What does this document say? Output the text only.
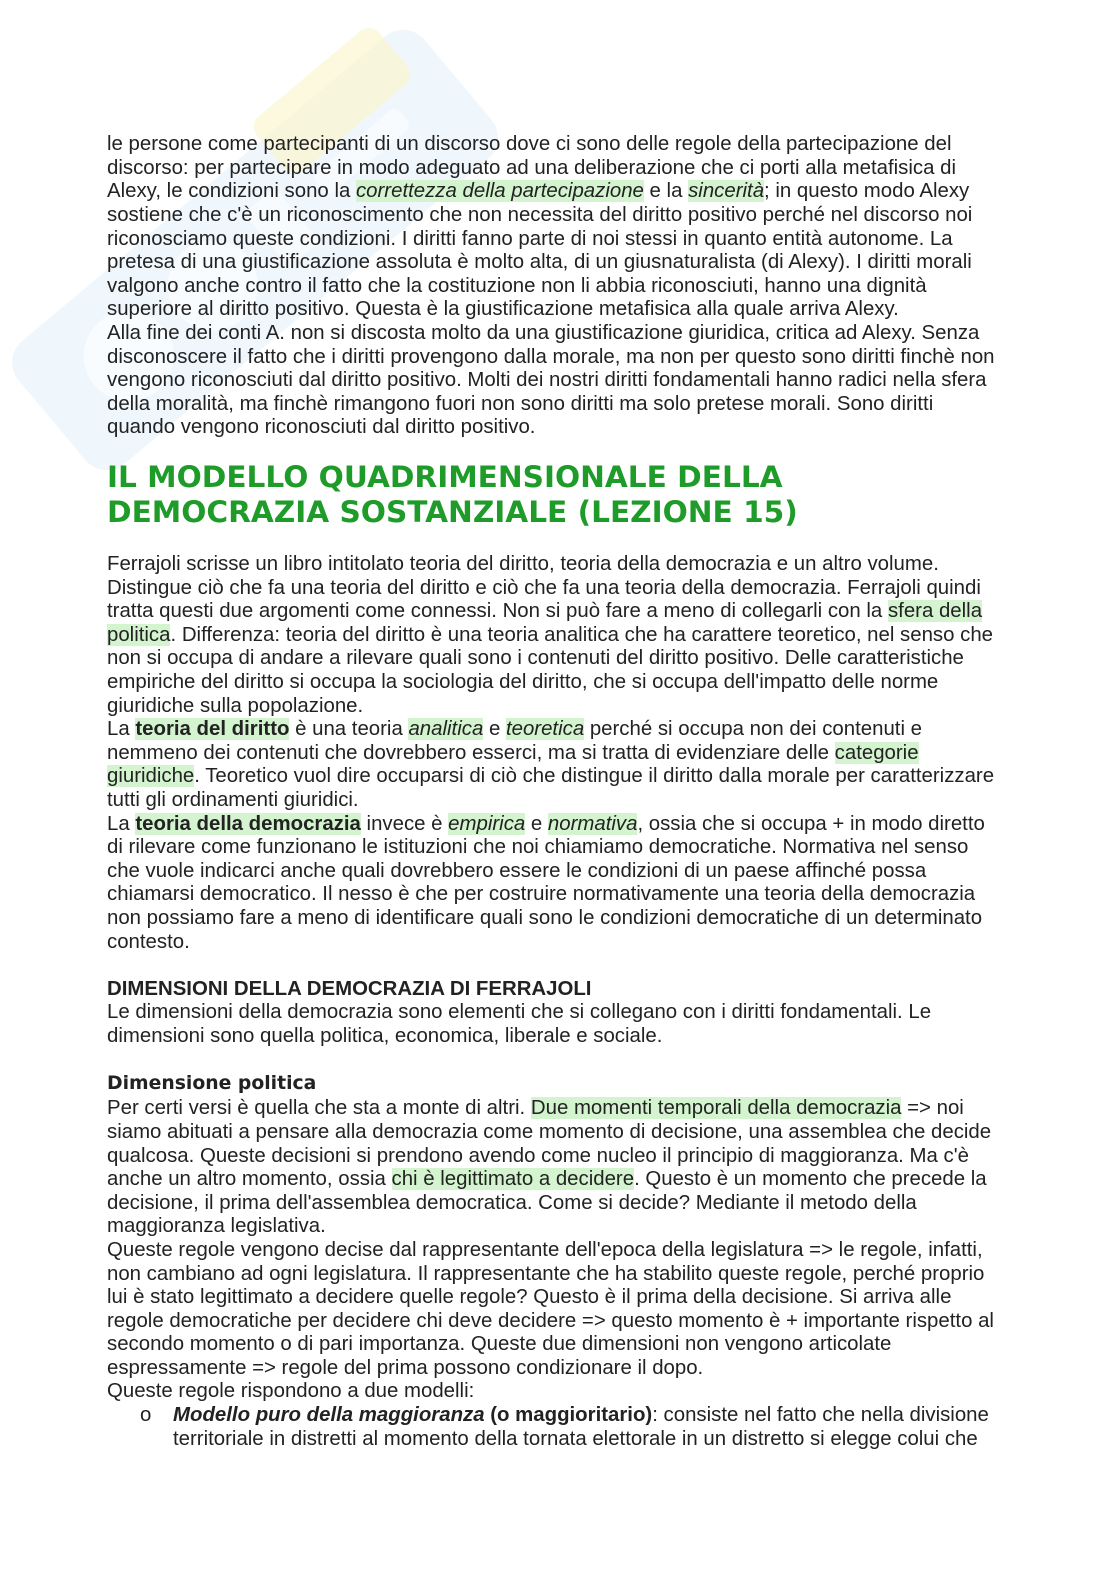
le persone come partecipanti di un discorso dove ci sono delle regole della partecipazione del
discorso: per partecipare in modo adeguato ad una deliberazione che ci porti alla metafisica di
Alexy, le condizioni sono la correttezza della partecipazione e la sincerità; in questo modo Alexy
sostiene che c'è un riconoscimento che non necessita del diritto positivo perché nel discorso noi
riconosciamo queste condizioni. I diritti fanno parte di noi stessi in quanto entità autonome. La
pretesa di una giustificazione assoluta è molto alta, di un giusnaturalista (di Alexy). I diritti morali
valgono anche contro il fatto che la costituzione non li abbia riconosciuti, hanno una dignità
superiore al diritto positivo. Questa è la giustificazione metafisica alla quale arriva Alexy.
Alla fine dei conti A. non si discosta molto da una giustificazione giuridica, critica ad Alexy. Senza
disconoscere il fatto che i diritti provengono dalla morale, ma non per questo sono diritti finchè non
vengono riconosciuti dal diritto positivo. Molti dei nostri diritti fondamentali hanno radici nella sfera
della moralità, ma finchè rimangono fuori non sono diritti ma solo pretese morali. Sono diritti
quando vengono riconosciuti dal diritto positivo.
IL MODELLO QUADRIMENSIONALE DELLA
DEMOCRAZIA SOSTANZIALE (LEZIONE 15)
Ferrajoli scrisse un libro intitolato teoria del diritto, teoria della democrazia e un altro volume.
Distingue ciò che fa una teoria del diritto e ciò che fa una teoria della democrazia. Ferrajoli quindi
tratta questi due argomenti come connessi. Non si può fare a meno di collegarli con la sfera della
politica. Differenza: teoria del diritto è una teoria analitica che ha carattere teoretico, nel senso che
non si occupa di andare a rilevare quali sono i contenuti del diritto positivo. Delle caratteristiche
empiriche del diritto si occupa la sociologia del diritto, che si occupa dell'impatto delle norme
giuridiche sulla popolazione.
La teoria del diritto è una teoria analitica e teoretica perché si occupa non dei contenuti e
nemmeno dei contenuti che dovrebbero esserci, ma si tratta di evidenziare delle categorie
giuridiche. Teoretico vuol dire occuparsi di ciò che distingue il diritto dalla morale per caratterizzare
tutti gli ordinamenti giuridici.
La teoria della democrazia invece è empirica e normativa, ossia che si occupa + in modo diretto
di rilevare come funzionano le istituzioni che noi chiamiamo democratiche. Normativa nel senso
che vuole indicarci anche quali dovrebbero essere le condizioni di un paese affinché possa
chiamarsi democratico. Il nesso è che per costruire normativamente una teoria della democrazia
non possiamo fare a meno di identificare quali sono le condizioni democratiche di un determinato
contesto.
DIMENSIONI DELLA DEMOCRAZIA DI FERRAJOLI
Le dimensioni della democrazia sono elementi che si collegano con i diritti fondamentali. Le
dimensioni sono quella politica, economica, liberale e sociale.
Dimensione politica
Per certi versi è quella che sta a monte di altri. Due momenti temporali della democrazia => noi
siamo abituati a pensare alla democrazia come momento di decisione, una assemblea che decide
qualcosa. Queste decisioni si prendono avendo come nucleo il principio di maggioranza. Ma c'è
anche un altro momento, ossia chi è legittimato a decidere. Questo è un momento che precede la
decisione, il prima dell'assemblea democratica. Come si decide? Mediante il metodo della
maggioranza legislativa.
Queste regole vengono decise dal rappresentante dell'epoca della legislatura => le regole, infatti,
non cambiano ad ogni legislatura. Il rappresentante che ha stabilito queste regole, perché proprio
lui è stato legittimato a decidere quelle regole? Questo è il prima della decisione. Si arriva alle
regole democratiche per decidere chi deve decidere => questo momento è + importante rispetto al
secondo momento o di pari importanza. Queste due dimensioni non vengono articolate
espressamente => regole del prima possono condizionare il dopo.
Queste regole rispondono a due modelli:
o Modello puro della maggioranza (o maggioritario): consiste nel fatto che nella divisione
territoriale in distretti al momento della tornata elettorale in un distretto si elegge colui che
